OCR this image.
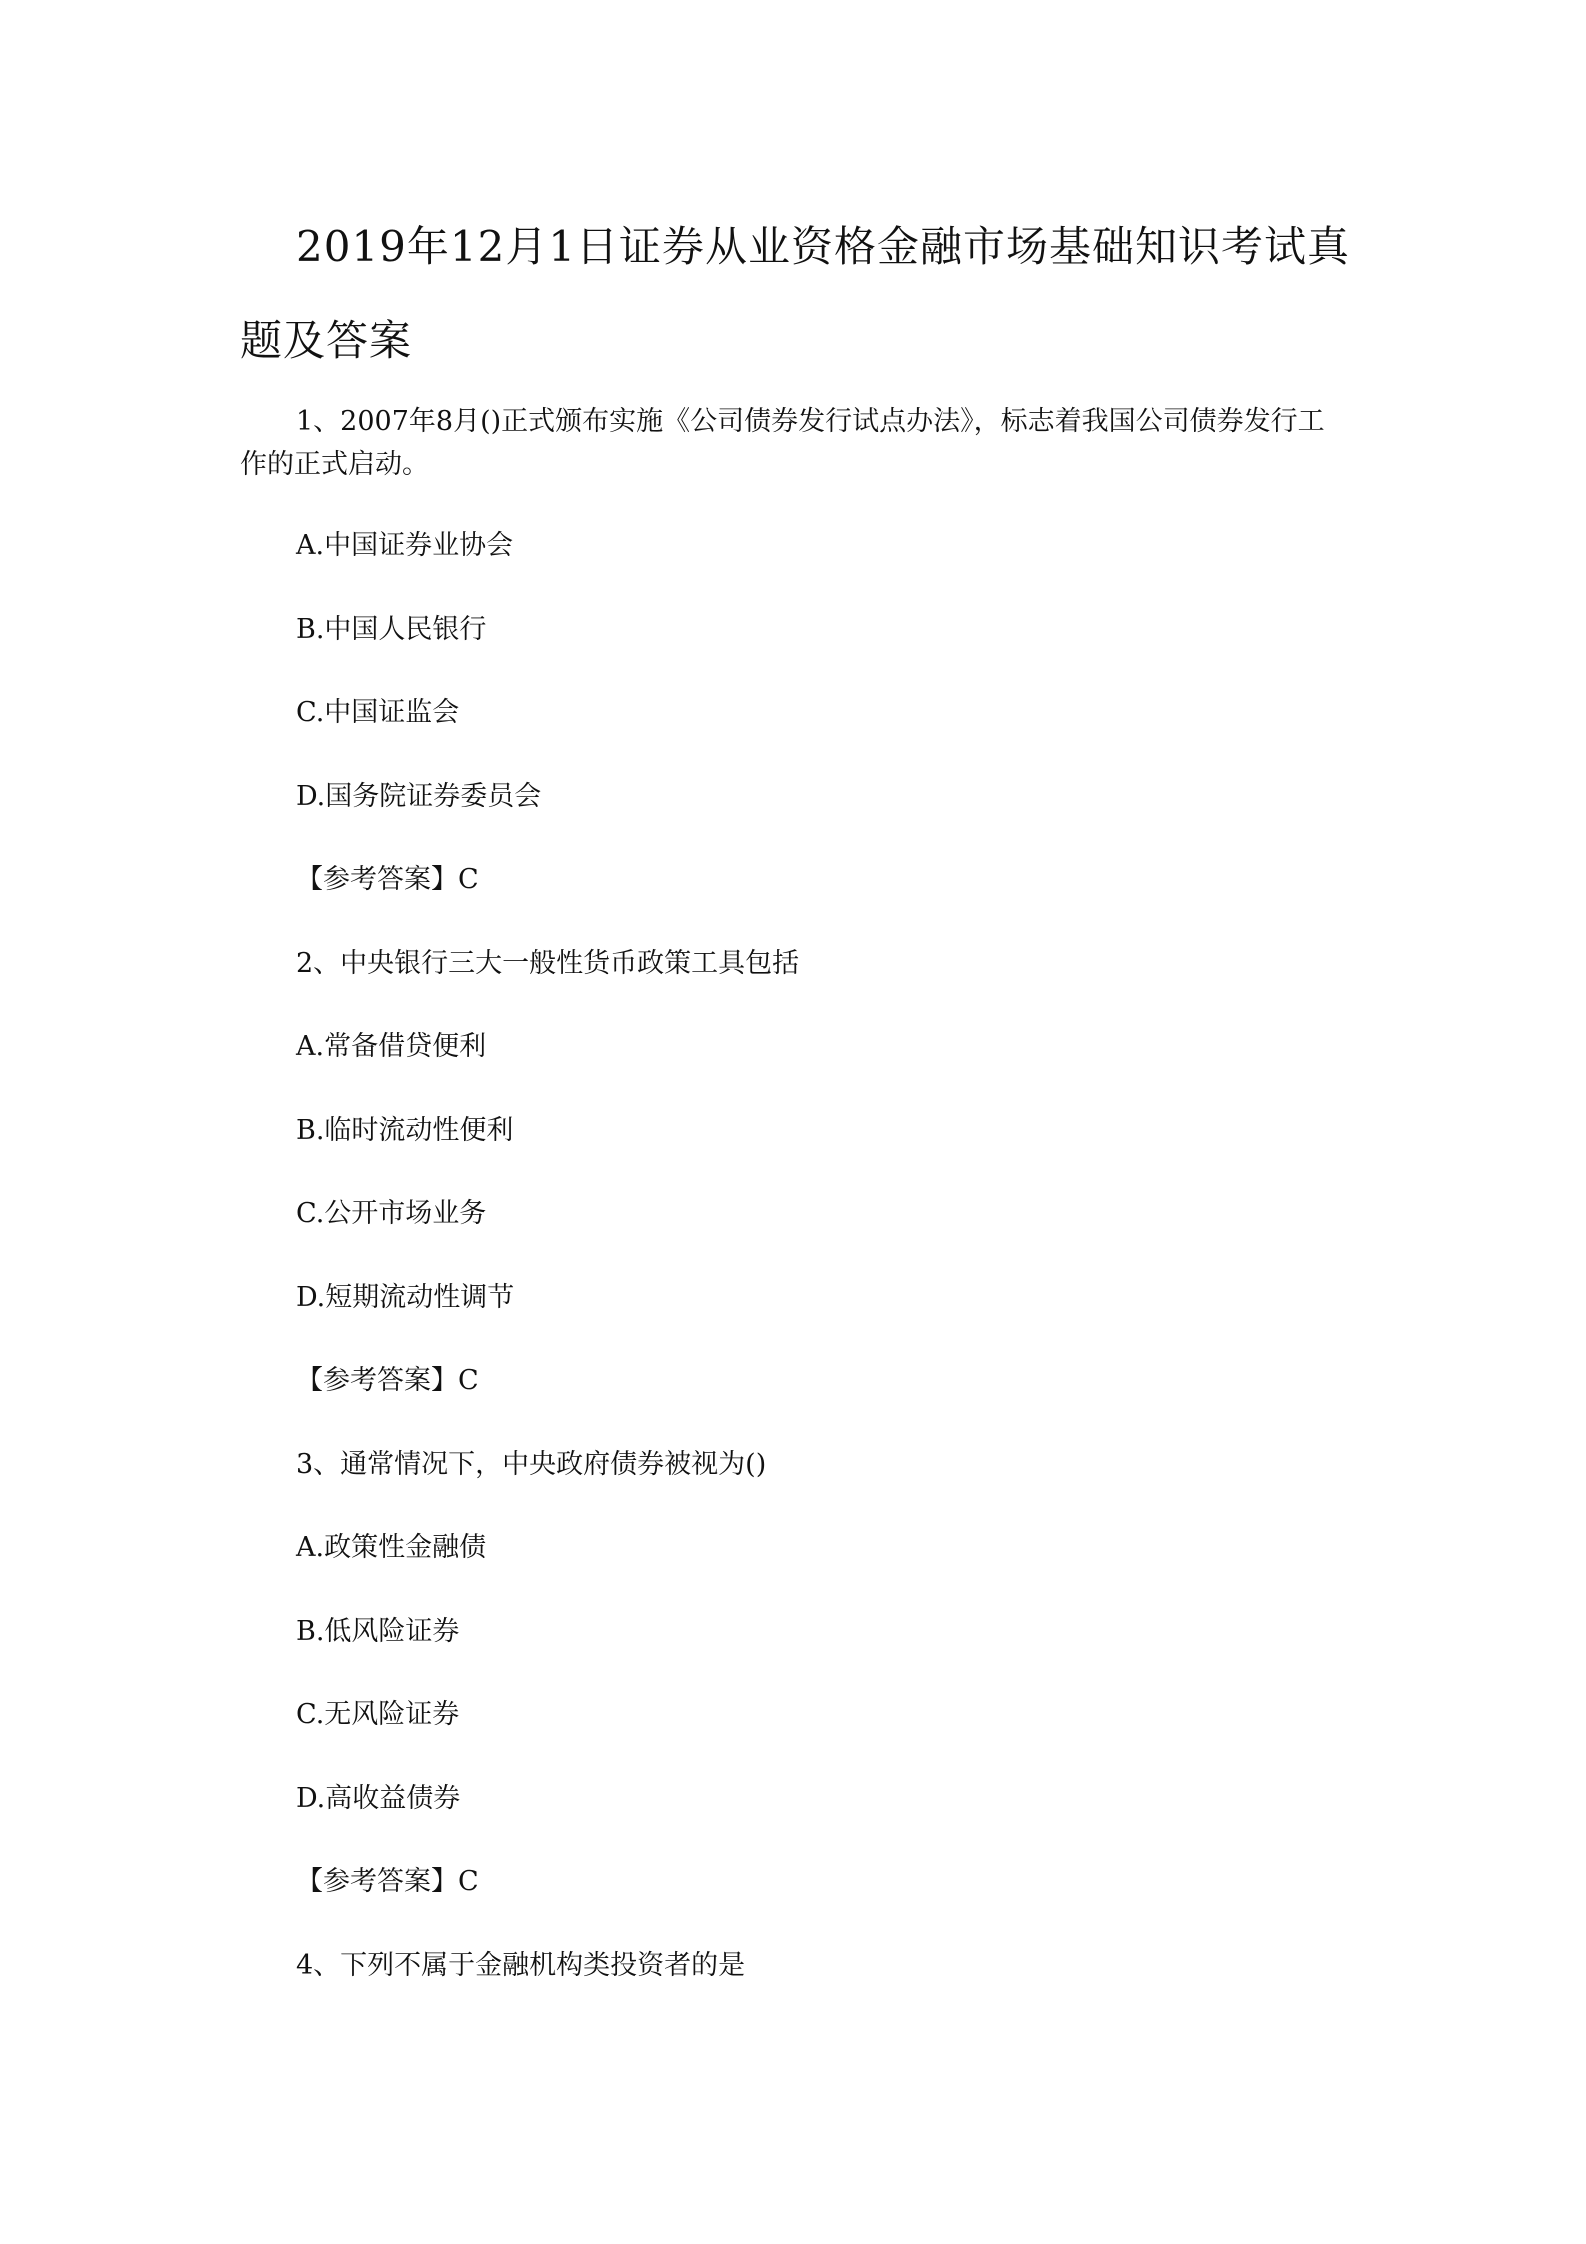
2019年12月1日证券从业资格金融市场基础知识考试真题及答案
1、2007年8月()正式颁布实施《公司债券发行试点办法》，标志着我国公司债券发行工作的正式启动。
A.中国证券业协会
B.中国人民银行
C.中国证监会
D.国务院证券委员会
【参考答案】C
2、中央银行三大一般性货币政策工具包括
A.常备借贷便利
B.临时流动性便利
C.公开市场业务
D.短期流动性调节
【参考答案】C
3、通常情况下，中央政府债券被视为()
A.政策性金融债
B.低风险证券
C.无风险证券
D.高收益债券
【参考答案】C
4、下列不属于金融机构类投资者的是
